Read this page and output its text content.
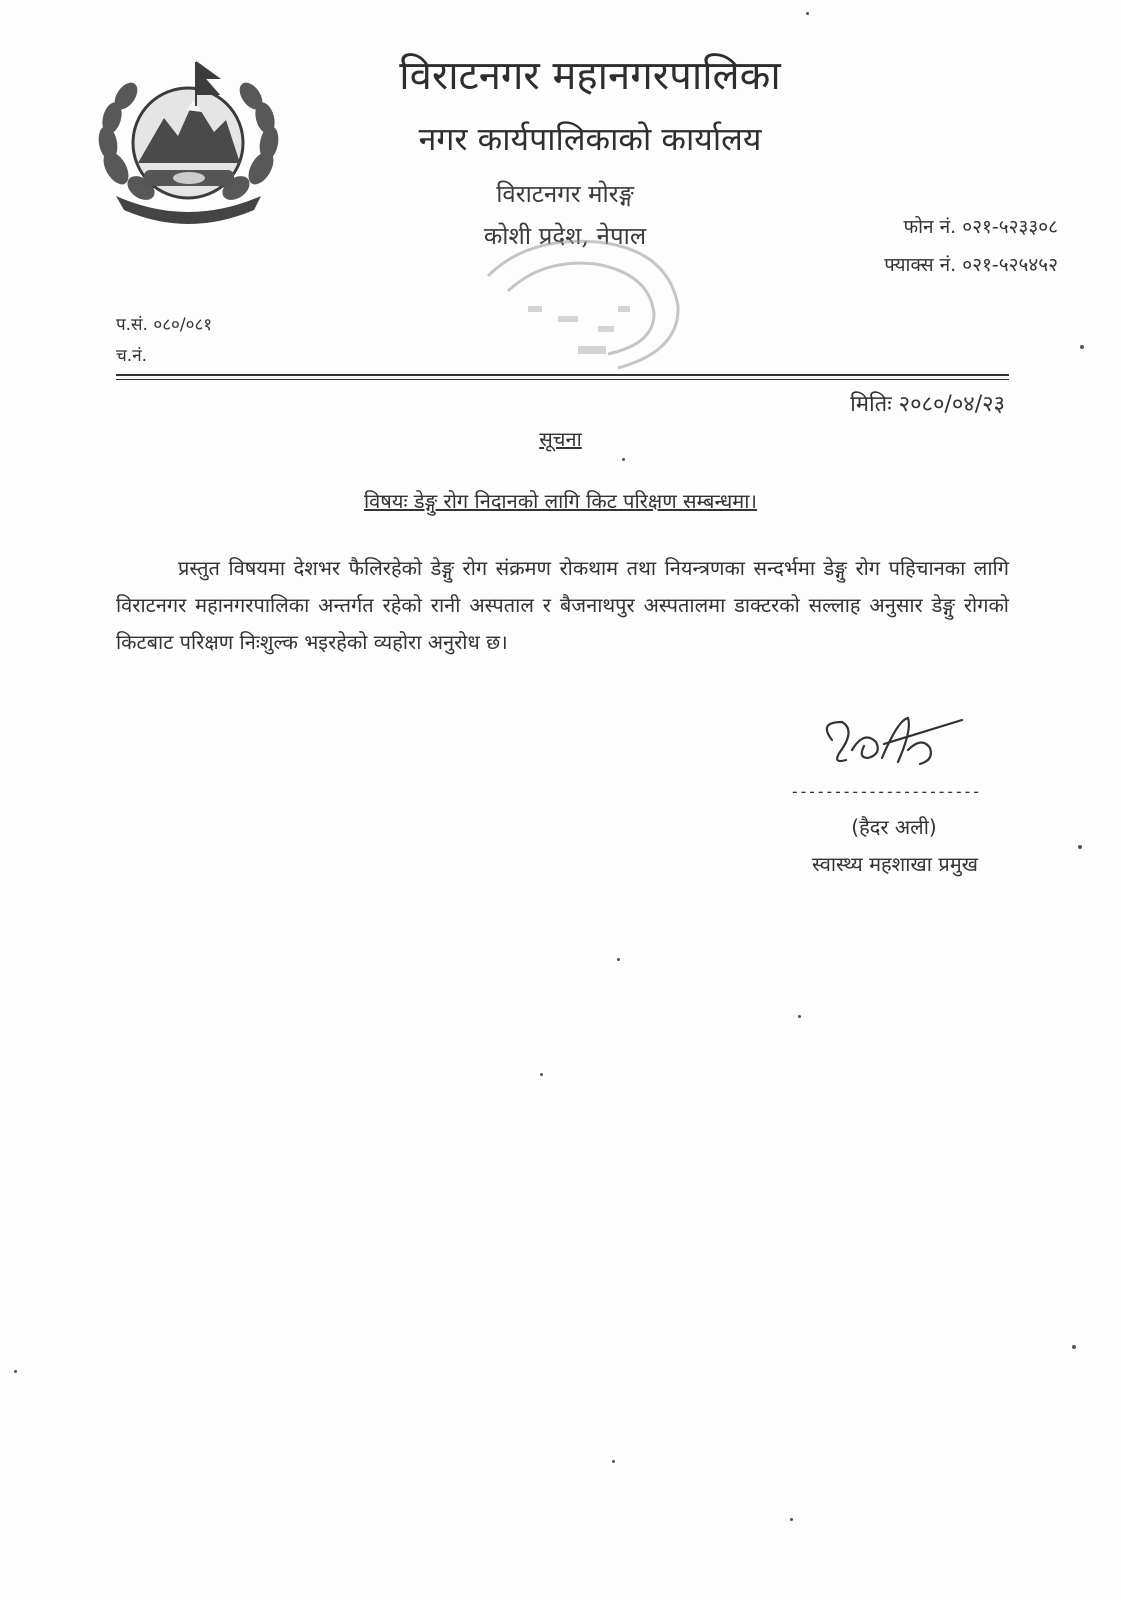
विराटनगर महानगरपालिका
नगर कार्यपालिकाको कार्यालय
विराटनगर मोरङ्ग
कोशी प्रदेश, नेपाल	फोन नं. ०२१-५२३३०८
फ्याक्स नं. ०२१-५२५४५२
प.सं. ०८०/०८१
च.नं.
मितिः २०८०/०४/२३
सूचना
विषयः डेङ्गु रोग निदानको लागि किट परिक्षण सम्बन्धमा।
प्रस्तुत विषयमा देशभर फैलिरहेको डेङ्गु रोग संक्रमण रोकथाम तथा नियन्त्रणका सन्दर्भमा डेङ्गु रोग पहिचानका लागि विराटनगर महानगरपालिका अन्तर्गत रहेको रानी अस्पताल र बैजनाथपुर अस्पतालमा डाक्टरको सल्लाह अनुसार डेङ्गु रोगको किटबाट परिक्षण निःशुल्क भइरहेको व्यहोरा अनुरोध छ।
----------------------
(हैदर अली)
स्वास्थ्य महशाखा प्रमुख
